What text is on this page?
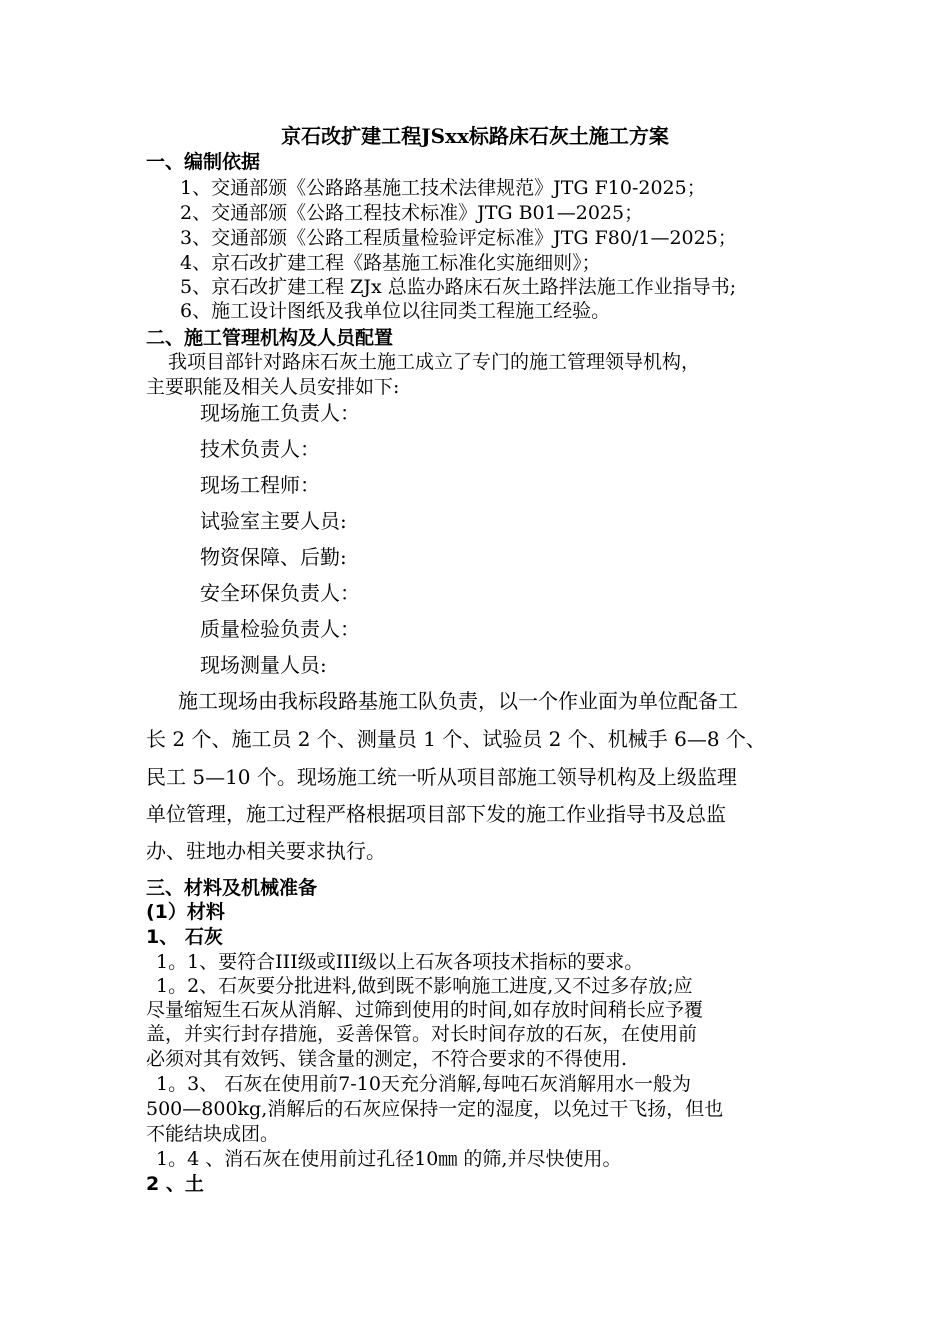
京石改扩建工程JSxx标路床石灰土施工方案
一、编制依据
1、交通部颁《公路路基施工技术法律规范》JTG F10-2025；
2、交通部颁《公路工程技术标准》JTG B01—2025；
3、交通部颁《公路工程质量检验评定标准》JTG F80/1—2025；
4、京石改扩建工程《路基施工标准化实施细则》；
5、京石改扩建工程 ZJx 总监办路床石灰土路拌法施工作业指导书;
6、施工设计图纸及我单位以往同类工程施工经验。
二、施工管理机构及人员配置
我项目部针对路床石灰土施工成立了专门的施工管理领导机构，
主要职能及相关人员安排如下:
现场施工负责人：
技术负责人：
现场工程师：
试验室主要人员:
物资保障、后勤:
安全环保负责人：
质量检验负责人：
现场测量人员:
施工现场由我标段路基施工队负责，以一个作业面为单位配备工
长 2 个、施工员 2 个、测量员 1 个、试验员 2 个、机械手 6—8 个、
民工 5—10 个。现场施工统一听从项目部施工领导机构及上级监理
单位管理，施工过程严格根据项目部下发的施工作业指导书及总监
办、驻地办相关要求执行。
三、材料及机械准备
(1）材料
1、 石灰
1。1、要符合III级或III级以上石灰各项技术指标的要求。
1。2、石灰要分批进料,做到既不影响施工进度,又不过多存放;应
尽量缩短生石灰从消解、过筛到使用的时间,如存放时间稍长应予覆
盖，并实行封存措施，妥善保管。对长时间存放的石灰，在使用前
必须对其有效钙、镁含量的测定，不符合要求的不得使用.
1。3、 石灰在使用前7-10天充分消解,每吨石灰消解用水一般为
500—800kg,消解后的石灰应保持一定的湿度，以免过干飞扬，但也
不能结块成团。
1。4 、消石灰在使用前过孔径10㎜ 的筛,并尽快使用。
2 、土
